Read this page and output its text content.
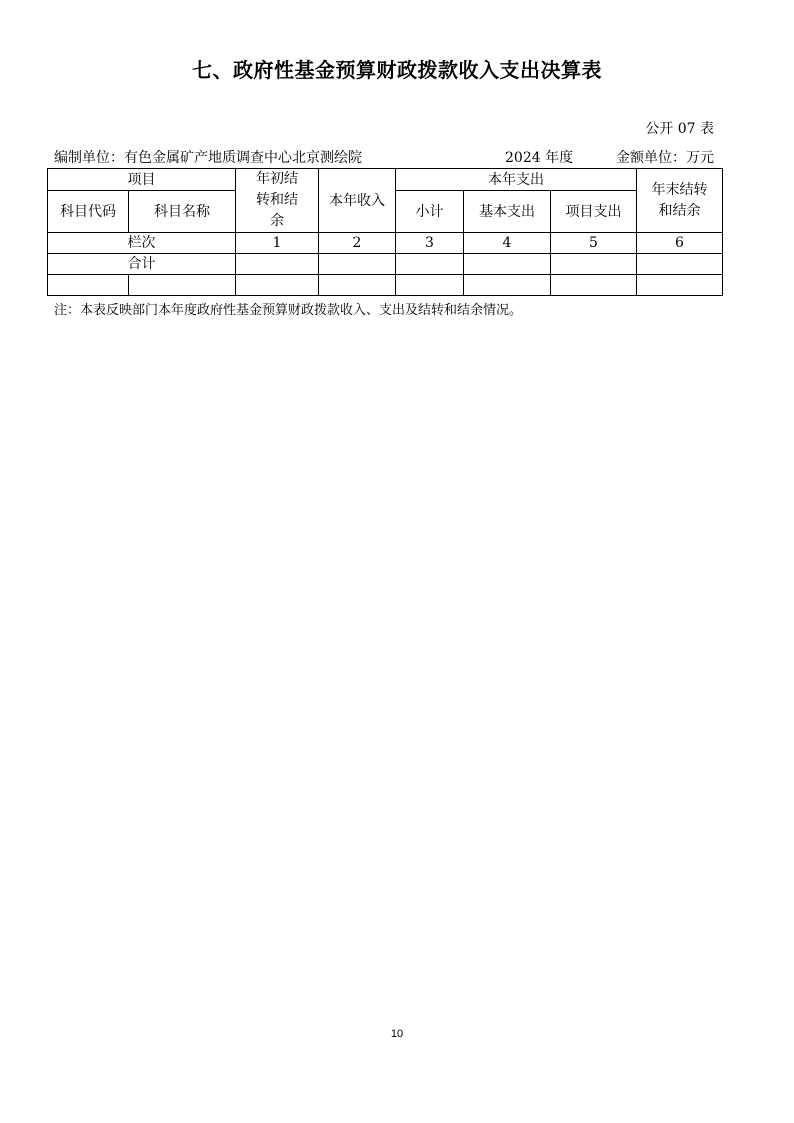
七、政府性基金预算财政拨款收入支出决算表
公开 07 表
编制单位：有色金属矿产地质调查中心北京测绘院	2024 年度	金额单位：万元
项目		年初结转和结余	本年收入	本年支出			年末结转和结余

科目代码	科目名称			小计	基本支出	项目支出	
栏次		1	2	3	4	5	6
合计							

注：本表反映部门本年度政府性基金预算财政拨款收入、支出及结转和结余情况。
10
